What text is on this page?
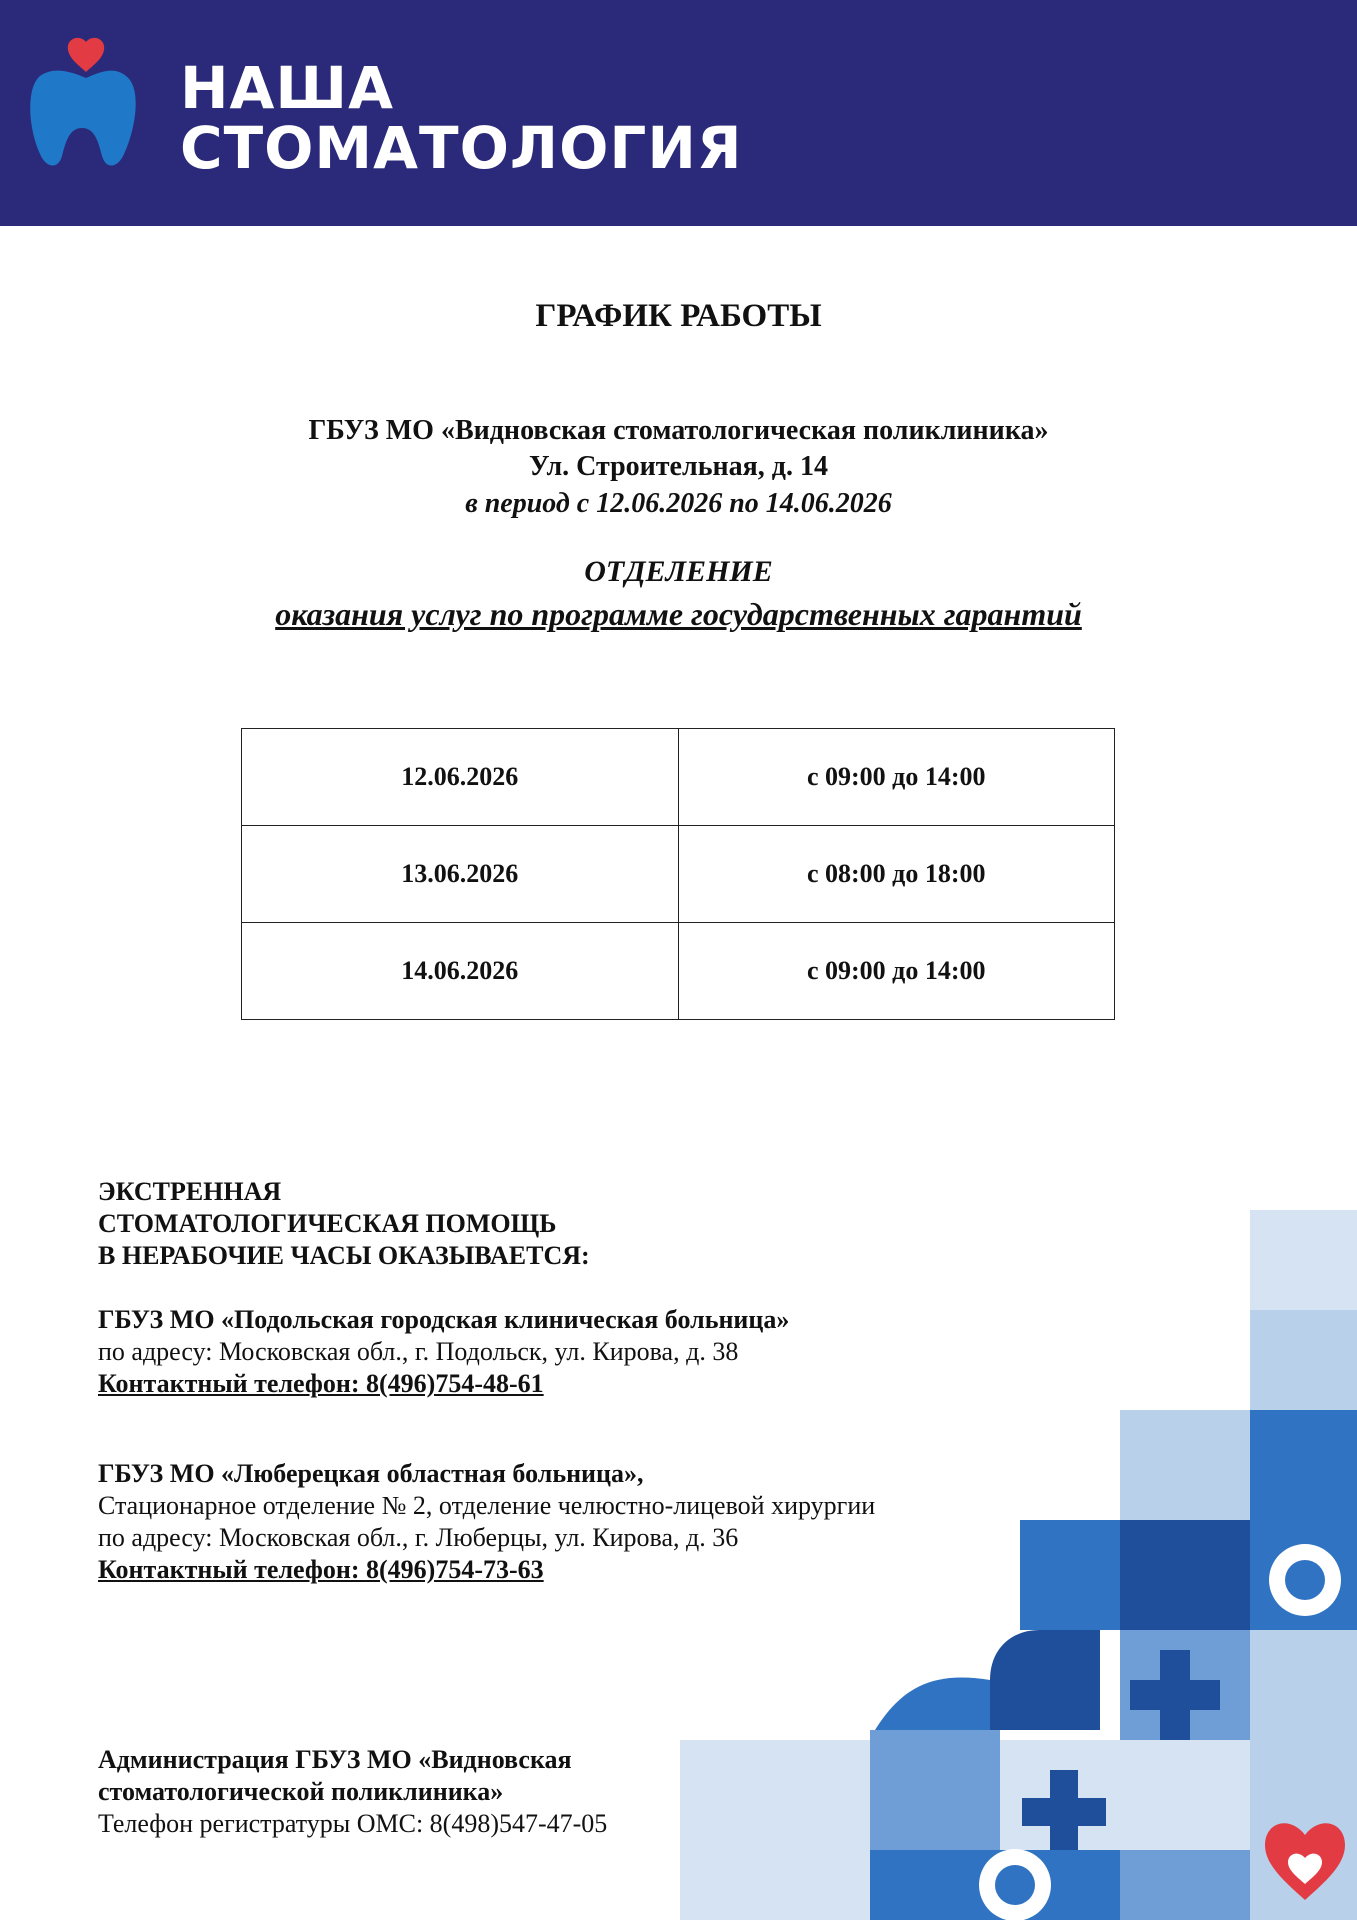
НАША
СТОМАТОЛОГИЯ
ГРАФИК РАБОТЫ
ГБУЗ МО «Видновская стоматологическая поликлиника»
Ул. Строительная, д. 14
в период с 12.06.2026 по 14.06.2026
ОТДЕЛЕНИЕ
оказания услуг по программе государственных гарантий
12.06.2026	с 09:00 до 14:00
13.06.2026	с 08:00 до 18:00
14.06.2026	с 09:00 до 14:00
ЭКСТРЕННАЯ
СТОМАТОЛОГИЧЕСКАЯ ПОМОЩЬ
В НЕРАБОЧИЕ ЧАСЫ ОКАЗЫВАЕТСЯ:
ГБУЗ МО «Подольская городская клиническая больница»
по адресу: Московская обл., г. Подольск, ул. Кирова, д. 38
Контактный телефон: 8(496)754-48-61
ГБУЗ МО «Люберецкая областная больница»,
Стационарное отделение № 2, отделение челюстно-лицевой хирургии
по адресу: Московская обл., г. Люберцы, ул. Кирова, д. 36
Контактный телефон: 8(496)754-73-63
Администрация ГБУЗ МО «Видновская
стоматологической поликлиника»
Телефон регистратуры ОМС: 8(498)547-47-05
